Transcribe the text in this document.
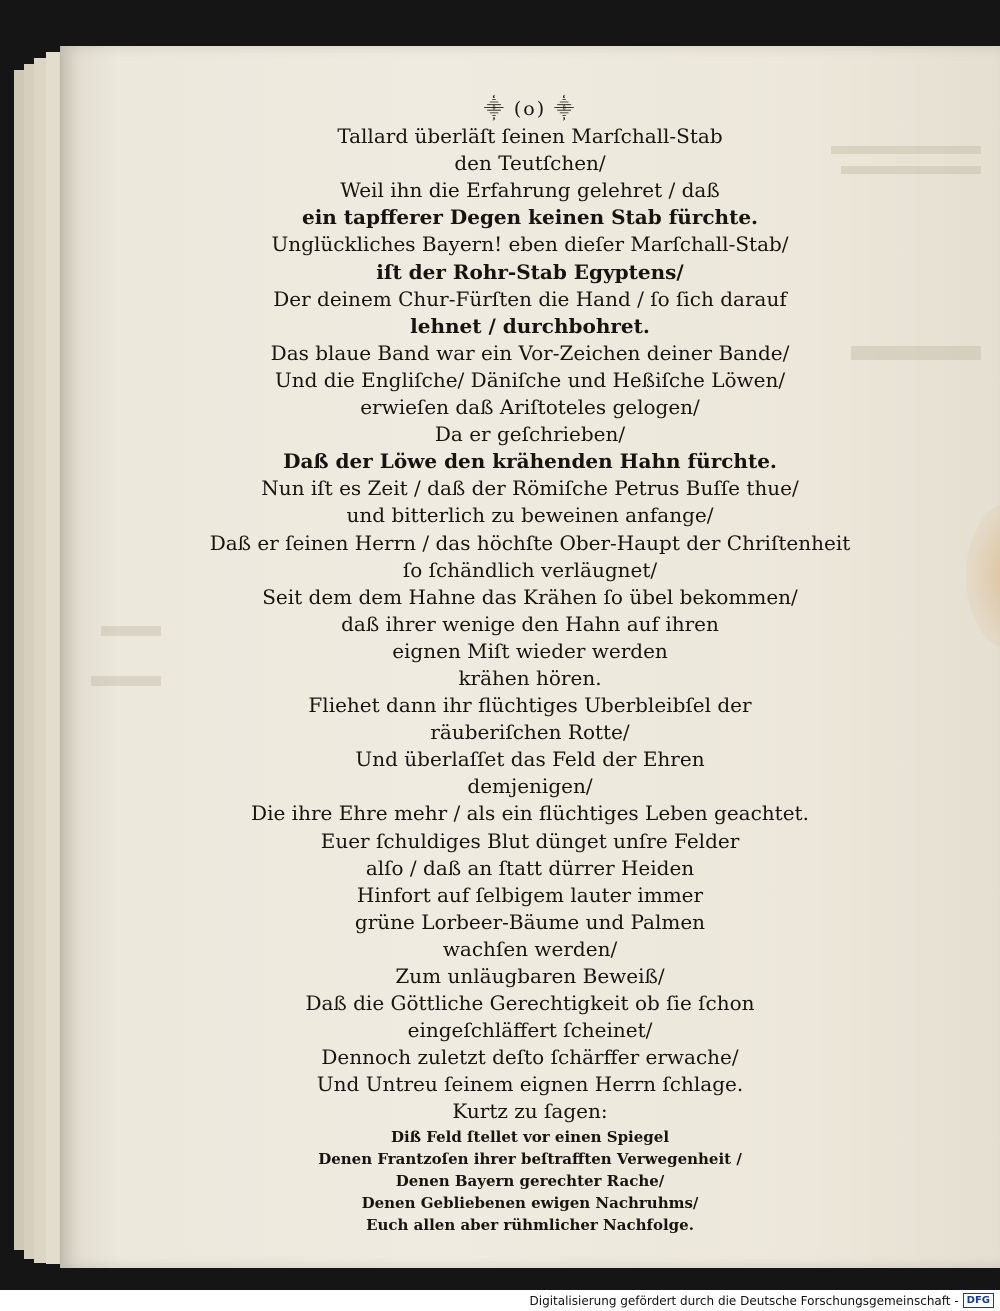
⸎ (o) ⸎
Tallard überläſt ſeinen Marſchall-Stab
den Teutſchen/
Weil ihn die Erfahrung gelehret / daß
ein tapfferer Degen keinen Stab fürchte.
Unglückliches Bayern! eben dieſer Marſchall-Stab/
iſt der Rohr-Stab Egyptens/
Der deinem Chur-Fürſten die Hand / ſo ſich darauf
lehnet / durchbohret.
Das blaue Band war ein Vor-Zeichen deiner Bande/
Und die Engliſche/ Däniſche und Heßiſche Löwen/
erwieſen daß Ariſtoteles gelogen/
Da er geſchrieben/
Daß der Löwe den krähenden Hahn fürchte.
Nun iſt es Zeit / daß der Römiſche Petrus Buſſe thue/
und bitterlich zu beweinen anfange/
Daß er ſeinen Herrn / das höchſte Ober-Haupt der Chriſtenheit
ſo ſchändlich verläugnet/
Seit dem dem Hahne das Krähen ſo übel bekommen/
daß ihrer wenige den Hahn auf ihren
eignen Miſt wieder werden
krähen hören.
Fliehet dann ihr flüchtiges Uberbleibſel der
räuberiſchen Rotte/
Und überlaſſet das Feld der Ehren
demjenigen/
Die ihre Ehre mehr / als ein flüchtiges Leben geachtet.
Euer ſchuldiges Blut dünget unſre Felder
alſo / daß an ſtatt dürrer Heiden
Hinfort auf ſelbigem lauter immer
grüne Lorbeer-Bäume und Palmen
wachſen werden/
Zum unläugbaren Beweiß/
Daß die Göttliche Gerechtigkeit ob ſie ſchon
eingeſchläffert ſcheinet/
Dennoch zuletzt deſto ſchärffer erwache/
Und Untreu ſeinem eignen Herrn ſchlage.
Kurtz zu ſagen:
Diß Feld ſtellet vor einen Spiegel
Denen Frantzoſen ihrer beſtrafften Verwegenheit /
Denen Bayern gerechter Rache/
Denen Gebliebenen ewigen Nachruhms/
Euch allen aber rühmlicher Nachfolge.
Digitalisierung gefördert durch die Deutsche Forschungsgemeinschaft - DFG
